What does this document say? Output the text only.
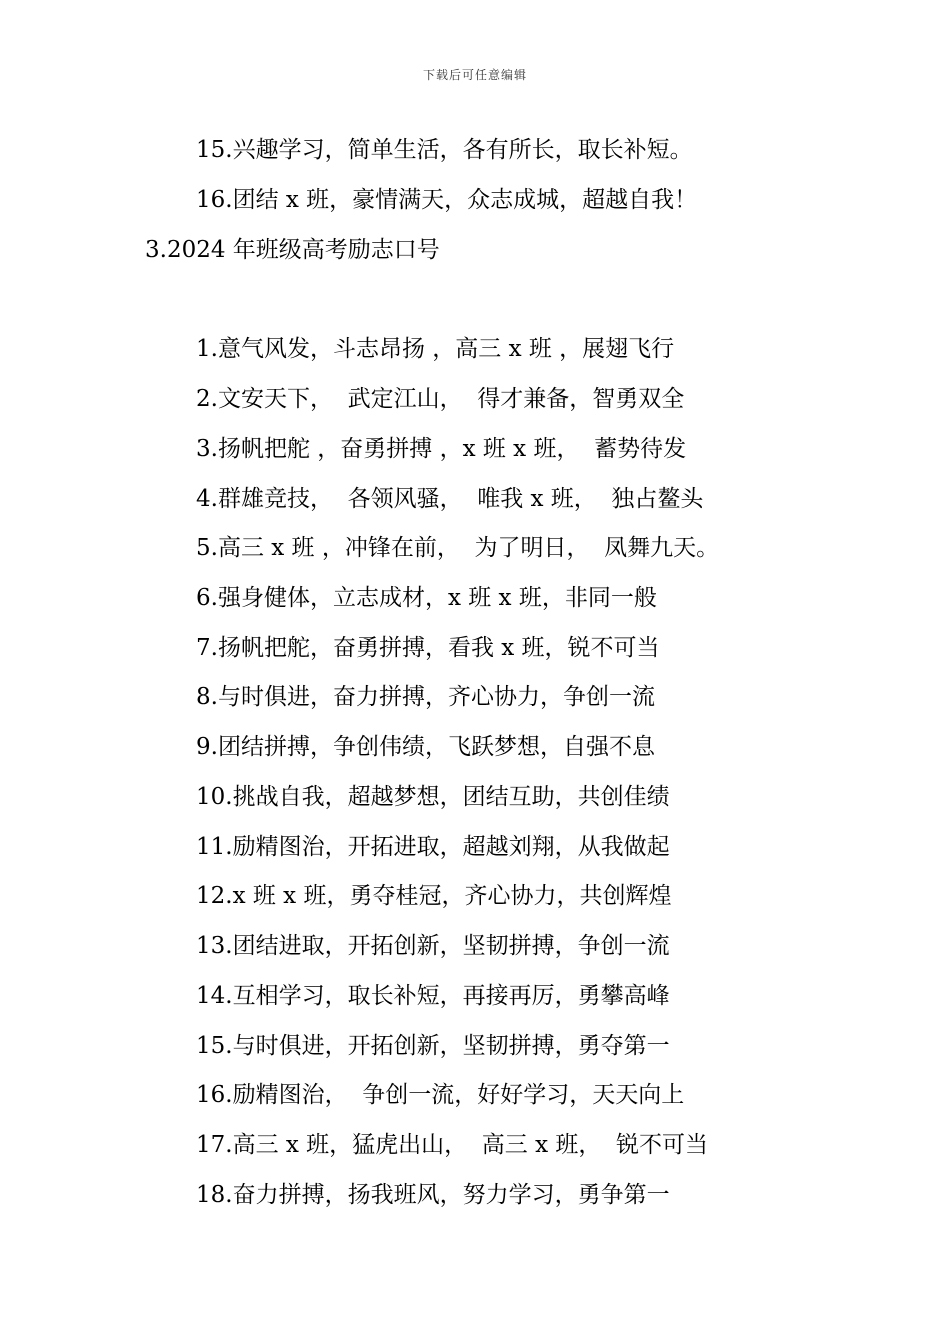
下载后可任意编辑
15.兴趣学习，简单生活，各有所长，取长补短。
16.团结 x 班，豪情满天，众志成城，超越自我！
3.2024 年班级高考励志口号
1.意气风发，斗志昂扬 ，高三 x 班 ，展翅飞行
2.文安天下，  武定江山，  得才兼备，智勇双全
3.扬帆把舵 ，奋勇拼搏 ，x 班 x 班，  蓄势待发
4.群雄竞技，  各领风骚，  唯我 x 班，  独占鳌头
5.高三 x 班 ，冲锋在前，  为了明日，  凤舞九天。
6.强身健体，立志成材，x 班 x 班，非同一般
7.扬帆把舵，奋勇拼搏，看我 x 班，锐不可当
8.与时俱进，奋力拼搏，齐心协力，争创一流
9.团结拼搏，争创伟绩，飞跃梦想，自强不息
10.挑战自我，超越梦想，团结互助，共创佳绩
11.励精图治，开拓进取，超越刘翔，从我做起
12.x 班 x 班，勇夺桂冠，齐心协力，共创辉煌
13.团结进取，开拓创新，坚韧拼搏，争创一流
14.互相学习，取长补短，再接再厉，勇攀高峰
15.与时俱进，开拓创新，坚韧拼搏，勇夺第一
16.励精图治，  争创一流，好好学习，天天向上
17.高三 x 班，猛虎出山，  高三 x 班，  锐不可当
18.奋力拼搏，扬我班风，努力学习，勇争第一
